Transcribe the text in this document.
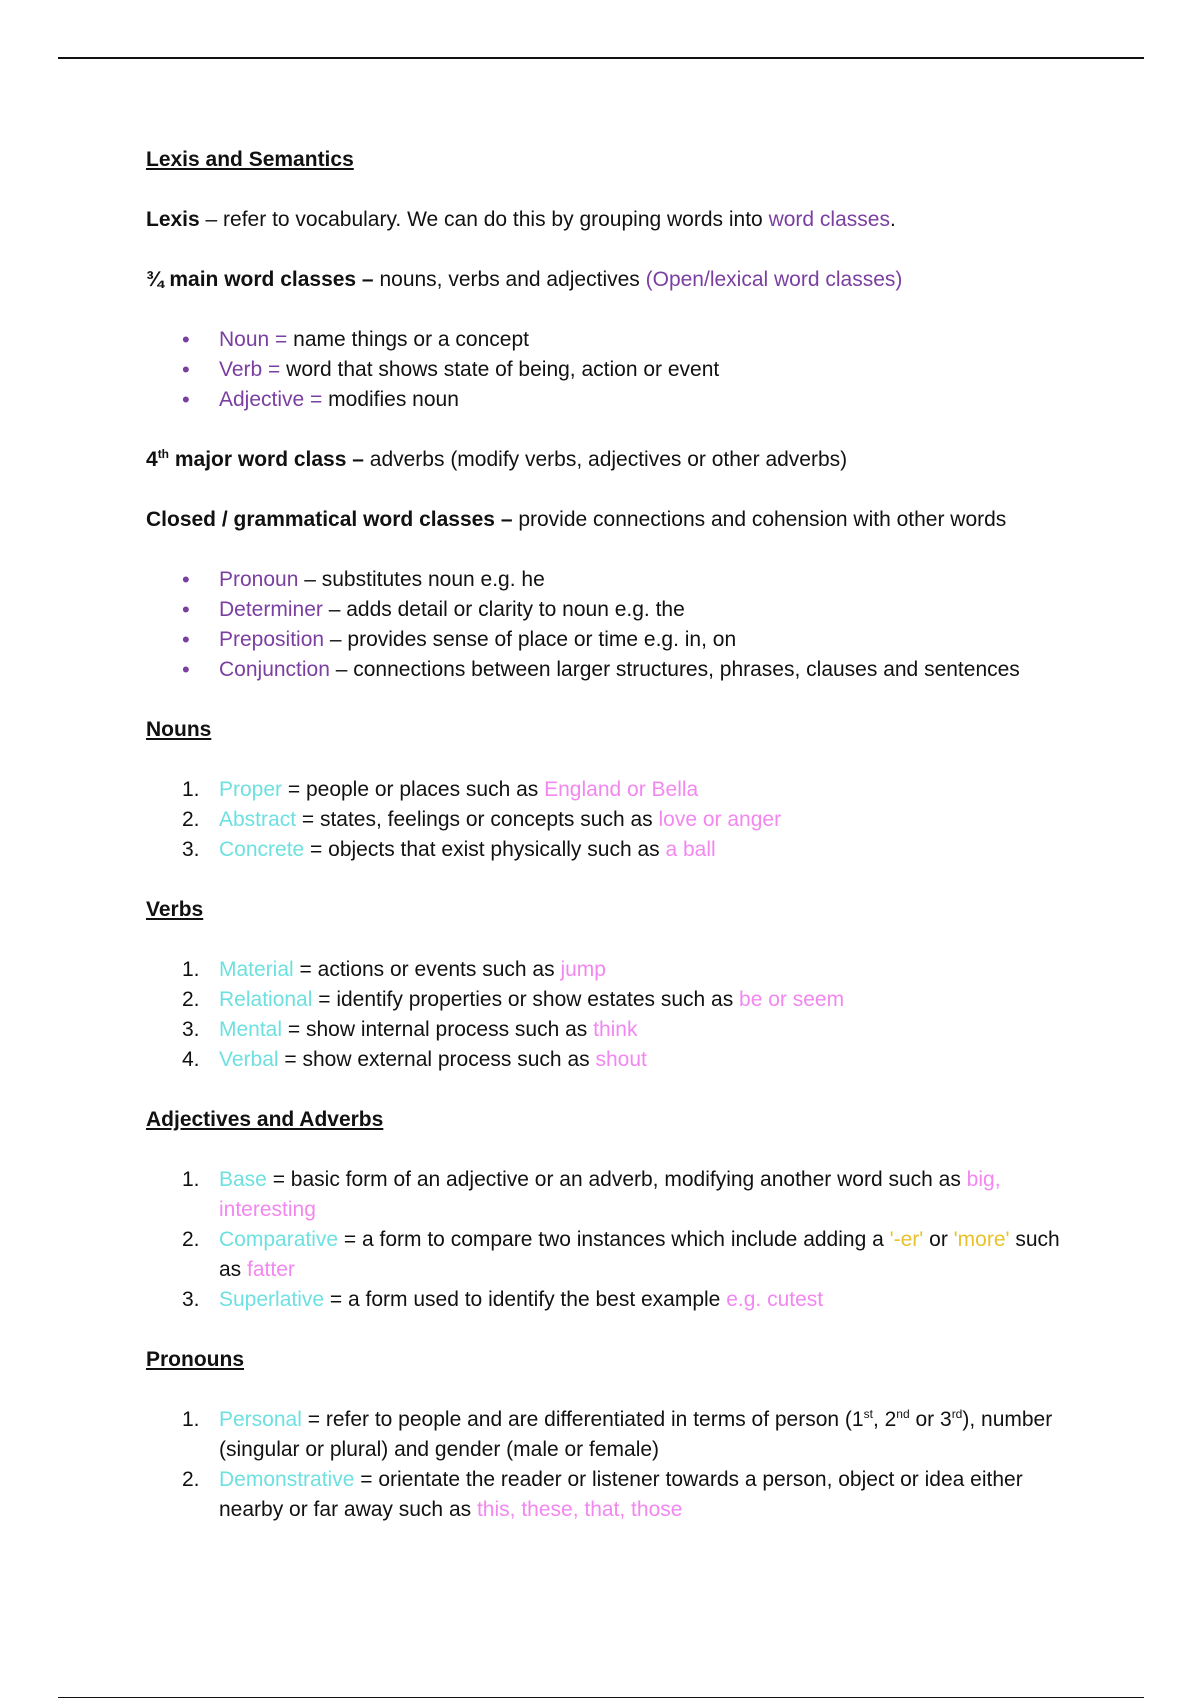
Lexis and Semantics
Lexis – refer to vocabulary. We can do this by grouping words into word classes.
¾ main word classes – nouns, verbs and adjectives (Open/lexical word classes)
• Noun = name things or a concept
• Verb = word that shows state of being, action or event
• Adjective = modifies noun
4th major word class – adverbs (modify verbs, adjectives or other adverbs)
Closed / grammatical word classes – provide connections and cohension with other words
• Pronoun – substitutes noun e.g. he
• Determiner – adds detail or clarity to noun e.g. the
• Preposition – provides sense of place or time e.g. in, on
• Conjunction – connections between larger structures, phrases, clauses and sentences
Nouns
1. Proper = people or places such as England or Bella
2. Abstract = states, feelings or concepts such as love or anger
3. Concrete = objects that exist physically such as a ball
Verbs
1. Material = actions or events such as jump
2. Relational = identify properties or show estates such as be or seem
3. Mental = show internal process such as think
4. Verbal = show external process such as shout
Adjectives and Adverbs
1. Base = basic form of an adjective or an adverb, modifying another word such as big, interesting
2. Comparative = a form to compare two instances which include adding a '-er' or 'more' such as fatter
3. Superlative = a form used to identify the best example e.g. cutest
Pronouns
1. Personal = refer to people and are differentiated in terms of person (1st, 2nd or 3rd), number (singular or plural) and gender (male or female)
2. Demonstrative = orientate the reader or listener towards a person, object or idea either nearby or far away such as this, these, that, those
